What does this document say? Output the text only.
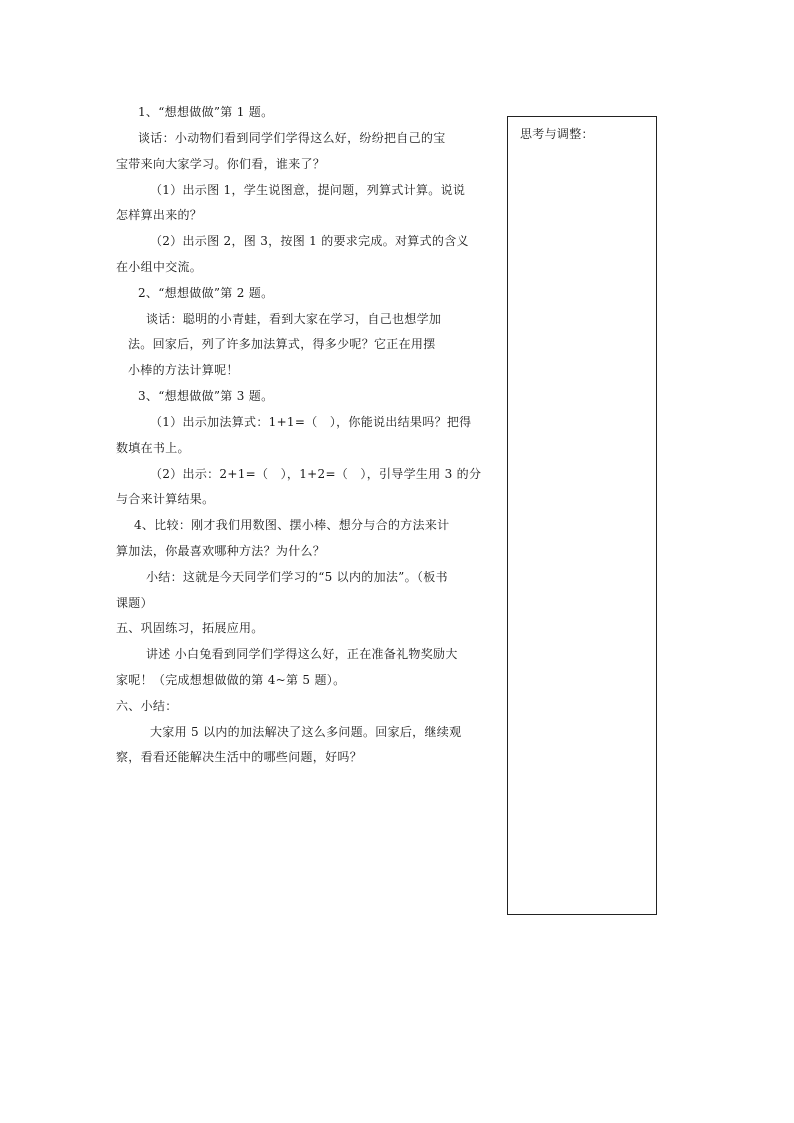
1、“想想做做”第 1 题。
谈话：小动物们看到同学们学得这么好，纷纷把自己的宝
宝带来向大家学习。你们看，谁来了？
（1）出示图 1，学生说图意，提问题，列算式计算。说说
怎样算出来的？
（2）出示图 2，图 3，按图 1 的要求完成。对算式的含义
在小组中交流。
2、“想想做做”第 2 题。
谈话：聪明的小青蛙，看到大家在学习，自己也想学加
法。回家后，列了许多加法算式，得多少呢？它正在用摆
小棒的方法计算呢！
3、“想想做做”第 3 题。
（1）出示加法算式：1+1=（　），你能说出结果吗？把得
数填在书上。
（2）出示：2+1=（　），1+2=（　），引导学生用 3 的分
与合来计算结果。
4、比较：刚才我们用数图、摆小棒、想分与合的方法来计
算加法，你最喜欢哪种方法？为什么？
小结：这就是今天同学们学习的“5 以内的加法”。（板书
课题）
五、巩固练习，拓展应用。
讲述 小白兔看到同学们学得这么好，正在准备礼物奖励大
家呢！（完成想想做做的第 4~第 5 题）。
六、小结：
大家用 5 以内的加法解决了这么多问题。回家后，继续观
察，看看还能解决生活中的哪些问题，好吗？
思考与调整：
